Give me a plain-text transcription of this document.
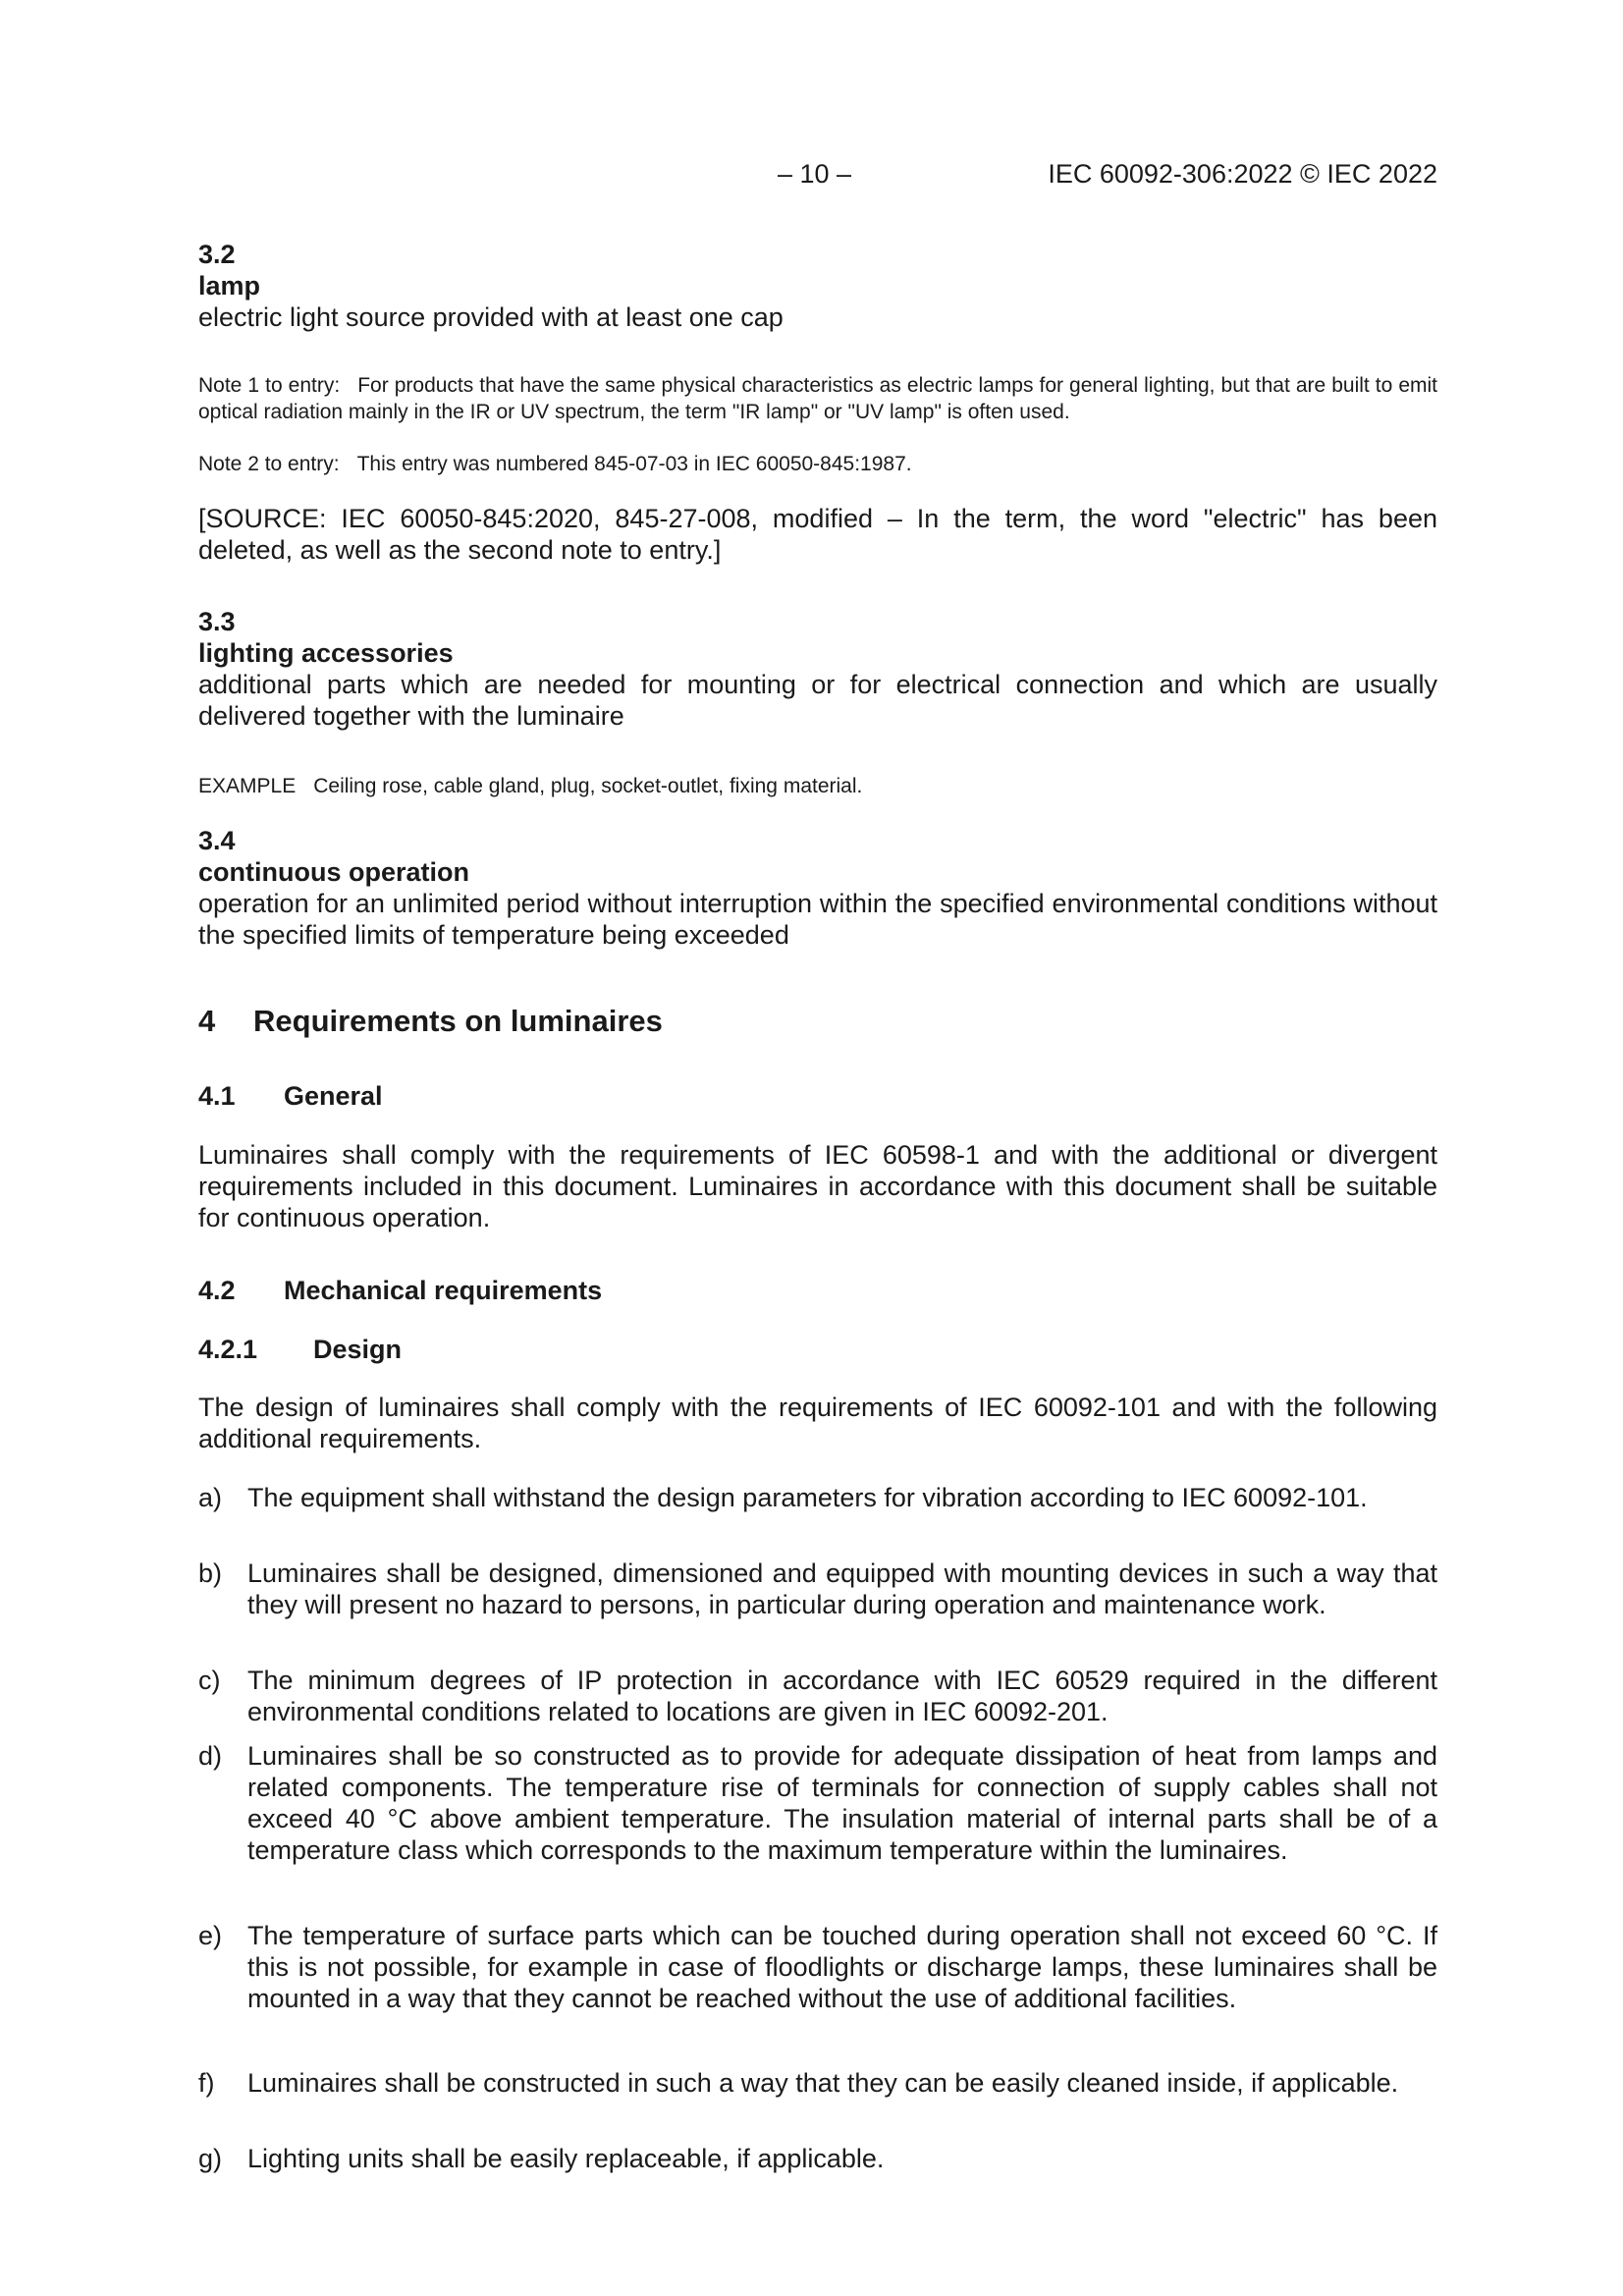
– 10 –	IEC 60092-306:2022 © IEC 2022
3.2
lamp
electric light source provided with at least one cap
Note 1 to entry: For products that have the same physical characteristics as electric lamps for general lighting, but that are built to emit optical radiation mainly in the IR or UV spectrum, the term "IR lamp" or "UV lamp" is often used.
Note 2 to entry: This entry was numbered 845-07-03 in IEC 60050-845:1987.
[SOURCE: IEC 60050-845:2020, 845-27-008, modified – In the term, the word "electric" has been deleted, as well as the second note to entry.]
3.3
lighting accessories
additional parts which are needed for mounting or for electrical connection and which are usually delivered together with the luminaire
EXAMPLE Ceiling rose, cable gland, plug, socket-outlet, fixing material.
3.4
continuous operation
operation for an unlimited period without interruption within the specified environmental conditions without the specified limits of temperature being exceeded
4 Requirements on luminaires
4.1 General
Luminaires shall comply with the requirements of IEC 60598-1 and with the additional or divergent requirements included in this document. Luminaires in accordance with this document shall be suitable for continuous operation.
4.2 Mechanical requirements
4.2.1 Design
The design of luminaires shall comply with the requirements of IEC 60092-101 and with the following additional requirements.
a) The equipment shall withstand the design parameters for vibration according to IEC 60092-101.
b) Luminaires shall be designed, dimensioned and equipped with mounting devices in such a way that they will present no hazard to persons, in particular during operation and maintenance work.
c) The minimum degrees of IP protection in accordance with IEC 60529 required in the different environmental conditions related to locations are given in IEC 60092-201.
d) Luminaires shall be so constructed as to provide for adequate dissipation of heat from lamps and related components. The temperature rise of terminals for connection of supply cables shall not exceed 40 °C above ambient temperature. The insulation material of internal parts shall be of a temperature class which corresponds to the maximum temperature within the luminaires.
e) The temperature of surface parts which can be touched during operation shall not exceed 60 °C. If this is not possible, for example in case of floodlights or discharge lamps, these luminaires shall be mounted in a way that they cannot be reached without the use of additional facilities.
f) Luminaires shall be constructed in such a way that they can be easily cleaned inside, if applicable.
g) Lighting units shall be easily replaceable, if applicable.
